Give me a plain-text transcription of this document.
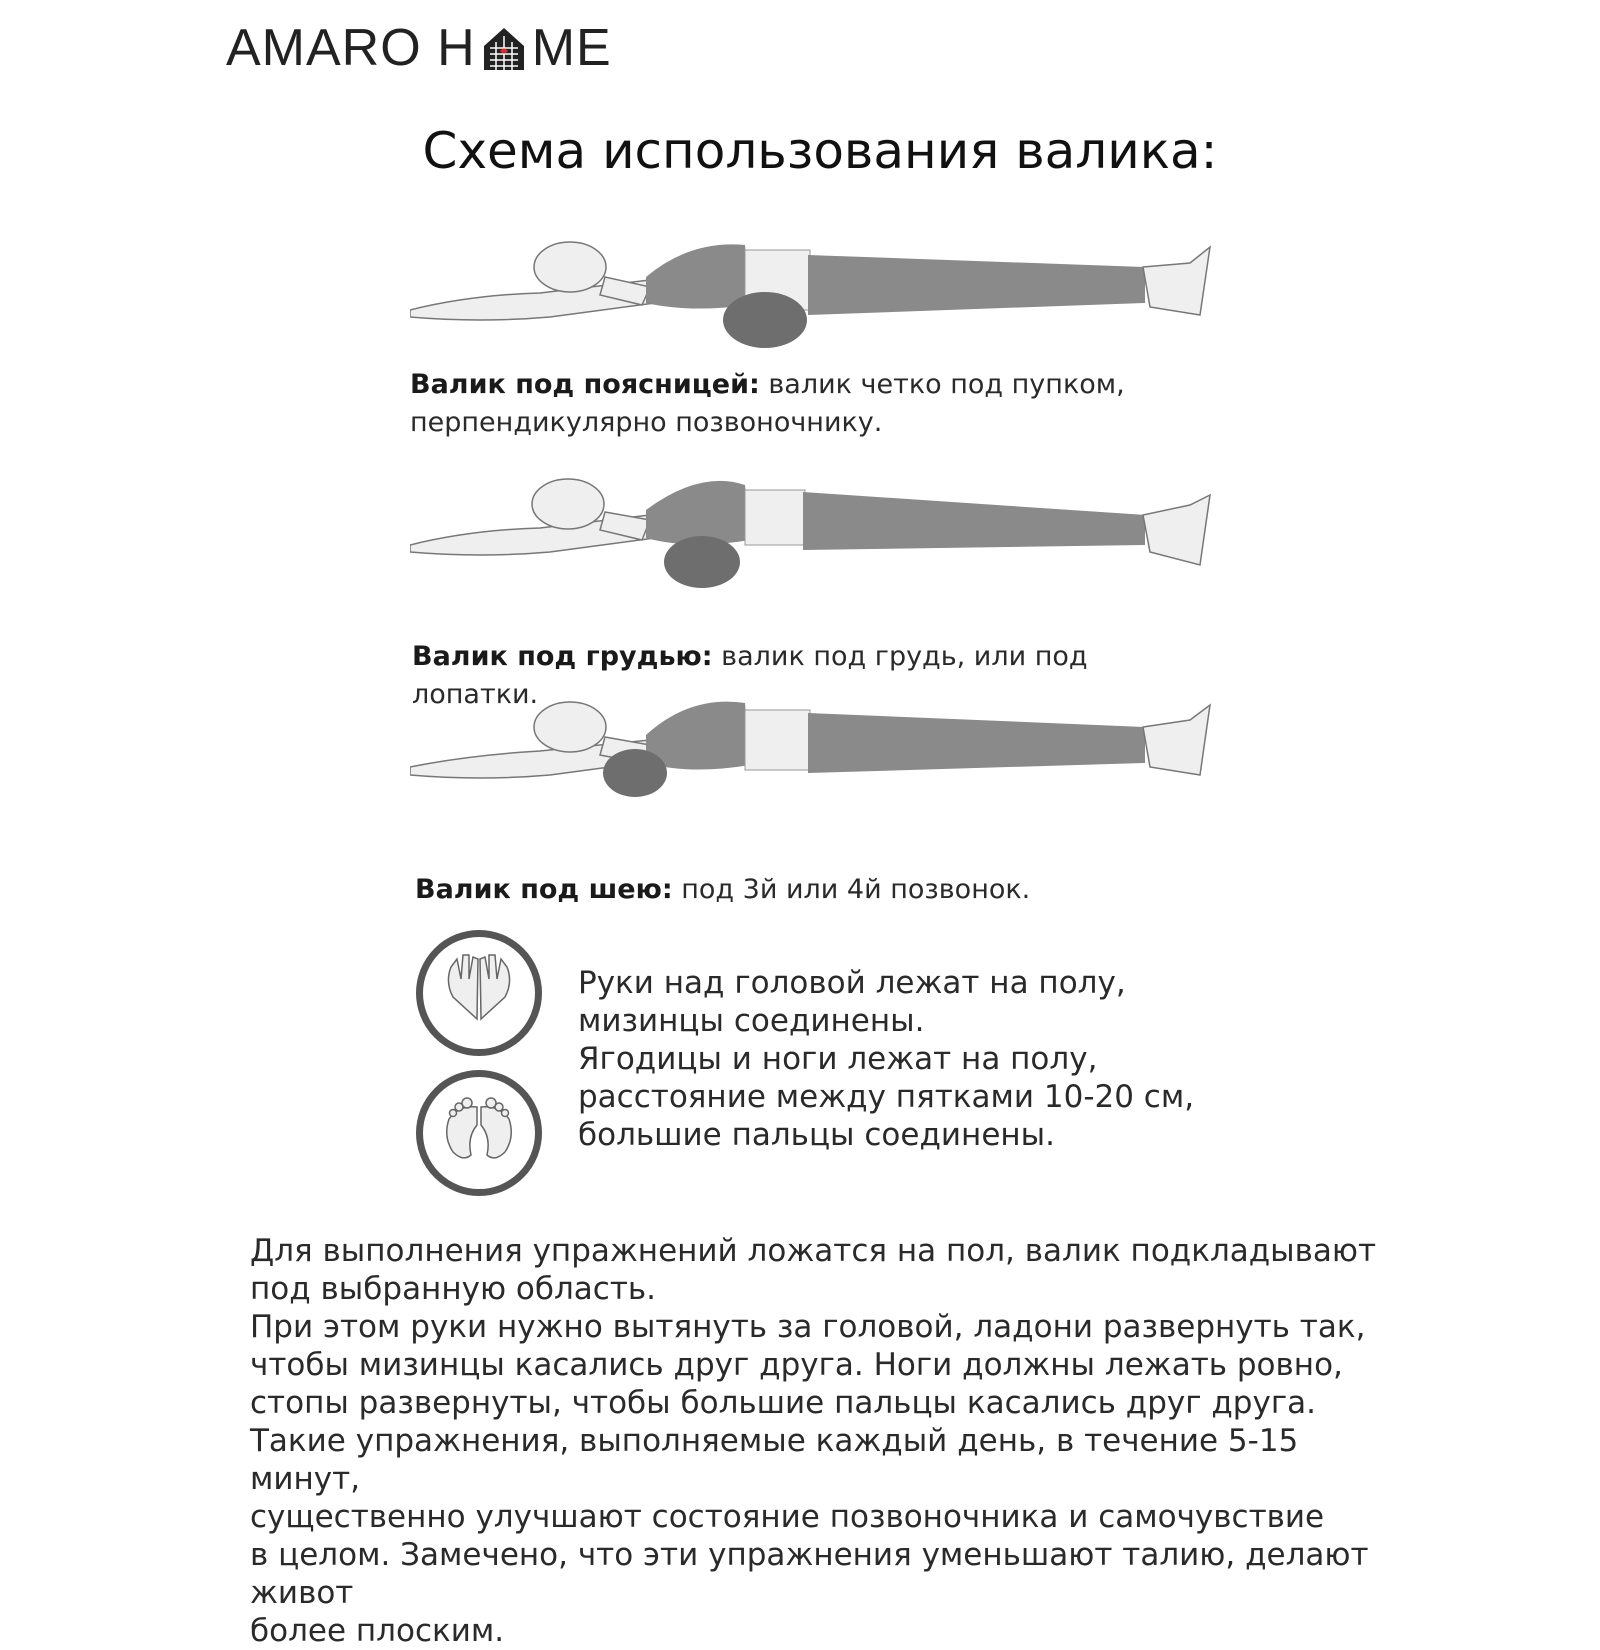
AMARO H ME
Схема использования валика:
Валик под поясницей: валик четко под пупком,
перпендикулярно позвоночнику.
Валик под грудью: валик под грудь, или под лопатки.
Валик под шею: под 3й или 4й позвонок.
Руки над головой лежат на полу,
мизинцы соединены.
Ягодицы и ноги лежат на полу,
расстояние между пятками 10-20 см,
большие пальцы соединены.

Для выполнения упражнений ложатся на пол, валик подкладывают

под выбранную область.

При этом руки нужно вытянуть за головой, ладони развернуть так,

чтобы мизинцы касались друг друга. Ноги должны лежать ровно,

стопы развернуты, чтобы большие пальцы касались друг друга.

Такие упражнения, выполняемые каждый день, в течение 5-15 минут,

существенно улучшают состояние позвоночника и самочувствие

в целом. Замечено, что эти упражнения уменьшают талию, делают живот

более плоским.
